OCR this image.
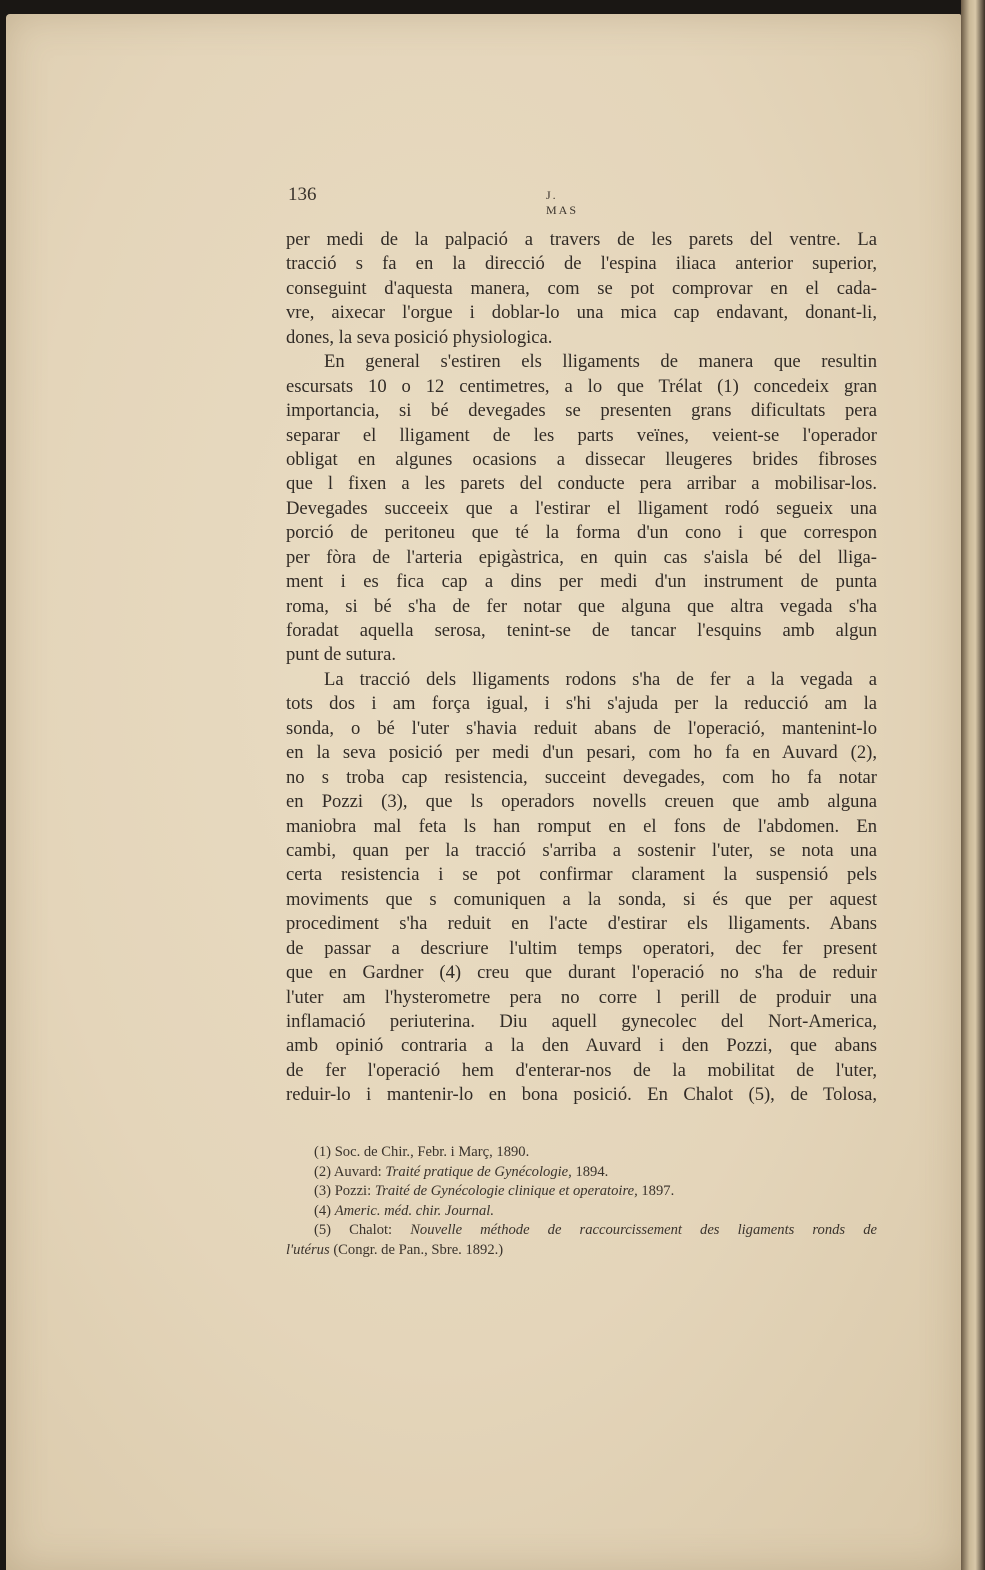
136	J. MAS
per medi de la palpació a travers de les parets del ventre. La
tracció s fa en la direcció de l'espina iliaca anterior superior,
conseguint d'aquesta manera, com se pot comprovar en el cada-
vre, aixecar l'orgue i doblar-lo una mica cap endavant, donant-li,
dones, la seva posició physiologica.
En general s'estiren els lligaments de manera que resultin
escursats 10 o 12 centimetres, a lo que Trélat (1) concedeix gran
importancia, si bé devegades se presenten grans dificultats pera
separar el lligament de les parts veïnes, veient-se l'operador
obligat en algunes ocasions a dissecar lleugeres brides fibroses
que l fixen a les parets del conducte pera arribar a mobilisar-los.
Devegades succeeix que a l'estirar el lligament rodó segueix una
porció de peritoneu que té la forma d'un cono i que correspon
per fòra de l'arteria epigàstrica, en quin cas s'aisla bé del lliga-
ment i es fica cap a dins per medi d'un instrument de punta
roma, si bé s'ha de fer notar que alguna que altra vegada s'ha
foradat aquella serosa, tenint-se de tancar l'esquins amb algun
punt de sutura.
La tracció dels lligaments rodons s'ha de fer a la vegada a
tots dos i am força igual, i s'hi s'ajuda per la reducció am la
sonda, o bé l'uter s'havia reduit abans de l'operació, mantenint-lo
en la seva posició per medi d'un pesari, com ho fa en Auvard (2),
no s troba cap resistencia, succeint devegades, com ho fa notar
en Pozzi (3), que ls operadors novells creuen que amb alguna
maniobra mal feta ls han romput en el fons de l'abdomen. En
cambi, quan per la tracció s'arriba a sostenir l'uter, se nota una
certa resistencia i se pot confirmar clarament la suspensió pels
moviments que s comuniquen a la sonda, si és que per aquest
procediment s'ha reduit en l'acte d'estirar els lligaments. Abans
de passar a descriure l'ultim temps operatori, dec fer present
que en Gardner (4) creu que durant l'operació no s'ha de reduir
l'uter am l'hysterometre pera no corre l perill de produir una
inflamació periuterina. Diu aquell gynecolec del Nort-America,
amb opinió contraria a la den Auvard i den Pozzi, que abans
de fer l'operació hem d'enterar-nos de la mobilitat de l'uter,
reduir-lo i mantenir-lo en bona posició. En Chalot (5), de Tolosa,
(1) Soc. de Chir., Febr. i Març, 1890.
(2) Auvard: Traité pratique de Gynécologie, 1894.
(3) Pozzi: Traité de Gynécologie clinique et operatoire, 1897.
(4) Americ. méd. chir. Journal.
(5) Chalot: Nouvelle méthode de raccourcissement des ligaments ronds de
l'utérus (Congr. de Pan., Sbre. 1892.)
